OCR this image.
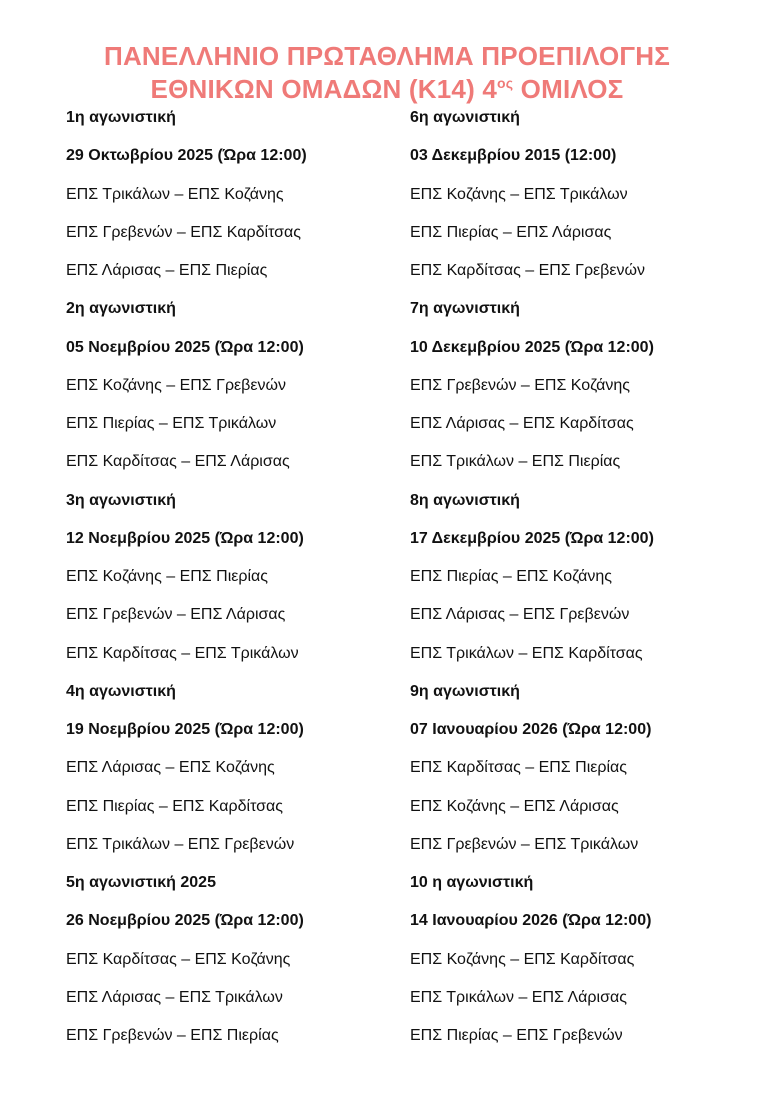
ΠΑΝΕΛΛΗΝΙΟ ΠΡΩΤΑΘΛΗΜΑ ΠΡΟΕΠΙΛΟΓΗΣ
ΕΘΝΙΚΩΝ ΟΜΑΔΩΝ (Κ14) $4^{o\varsigma}$ ΟΜΙΛΟΣ
1η αγωνιστική
29 Οκτωβρίου 2025 (Ώρα 12:00)
ΕΠΣ Τρικάλων – ΕΠΣ Κοζάνης
ΕΠΣ Γρεβενών – ΕΠΣ Καρδίτσας
ΕΠΣ Λάρισας – ΕΠΣ Πιερίας
2η αγωνιστική
05 Νοεμβρίου 2025 (Ώρα 12:00)
ΕΠΣ Κοζάνης – ΕΠΣ Γρεβενών
ΕΠΣ Πιερίας – ΕΠΣ Τρικάλων
ΕΠΣ Καρδίτσας – ΕΠΣ Λάρισας
3η αγωνιστική
12 Νοεμβρίου 2025 (Ώρα 12:00)
ΕΠΣ Κοζάνης – ΕΠΣ Πιερίας
ΕΠΣ Γρεβενών – ΕΠΣ Λάρισας
ΕΠΣ Καρδίτσας – ΕΠΣ Τρικάλων
4η αγωνιστική
19 Νοεμβρίου 2025 (Ώρα 12:00)
ΕΠΣ Λάρισας – ΕΠΣ Κοζάνης
ΕΠΣ Πιερίας – ΕΠΣ Καρδίτσας
ΕΠΣ Τρικάλων – ΕΠΣ Γρεβενών
5η αγωνιστική 2025
26 Νοεμβρίου 2025 (Ώρα 12:00)
ΕΠΣ Καρδίτσας – ΕΠΣ Κοζάνης
ΕΠΣ Λάρισας – ΕΠΣ Τρικάλων
ΕΠΣ Γρεβενών – ΕΠΣ Πιερίας
6η αγωνιστική
03 Δεκεμβρίου 2015 (12:00)
ΕΠΣ Κοζάνης – ΕΠΣ Τρικάλων
ΕΠΣ Πιερίας – ΕΠΣ Λάρισας
ΕΠΣ Καρδίτσας – ΕΠΣ Γρεβενών
7η αγωνιστική
10 Δεκεμβρίου 2025 (Ώρα 12:00)
ΕΠΣ Γρεβενών – ΕΠΣ Κοζάνης
ΕΠΣ Λάρισας – ΕΠΣ Καρδίτσας
ΕΠΣ Τρικάλων – ΕΠΣ Πιερίας
8η αγωνιστική
17 Δεκεμβρίου 2025 (Ώρα 12:00)
ΕΠΣ Πιερίας – ΕΠΣ Κοζάνης
ΕΠΣ Λάρισας – ΕΠΣ Γρεβενών
ΕΠΣ Τρικάλων – ΕΠΣ Καρδίτσας
9η αγωνιστική
07 Ιανουαρίου 2026 (Ώρα 12:00)
ΕΠΣ Καρδίτσας – ΕΠΣ Πιερίας
ΕΠΣ Κοζάνης – ΕΠΣ Λάρισας
ΕΠΣ Γρεβενών – ΕΠΣ Τρικάλων
10 η αγωνιστική
14 Ιανουαρίου 2026 (Ώρα 12:00)
ΕΠΣ Κοζάνης – ΕΠΣ Καρδίτσας
ΕΠΣ Τρικάλων – ΕΠΣ Λάρισας
ΕΠΣ Πιερίας – ΕΠΣ Γρεβενών
